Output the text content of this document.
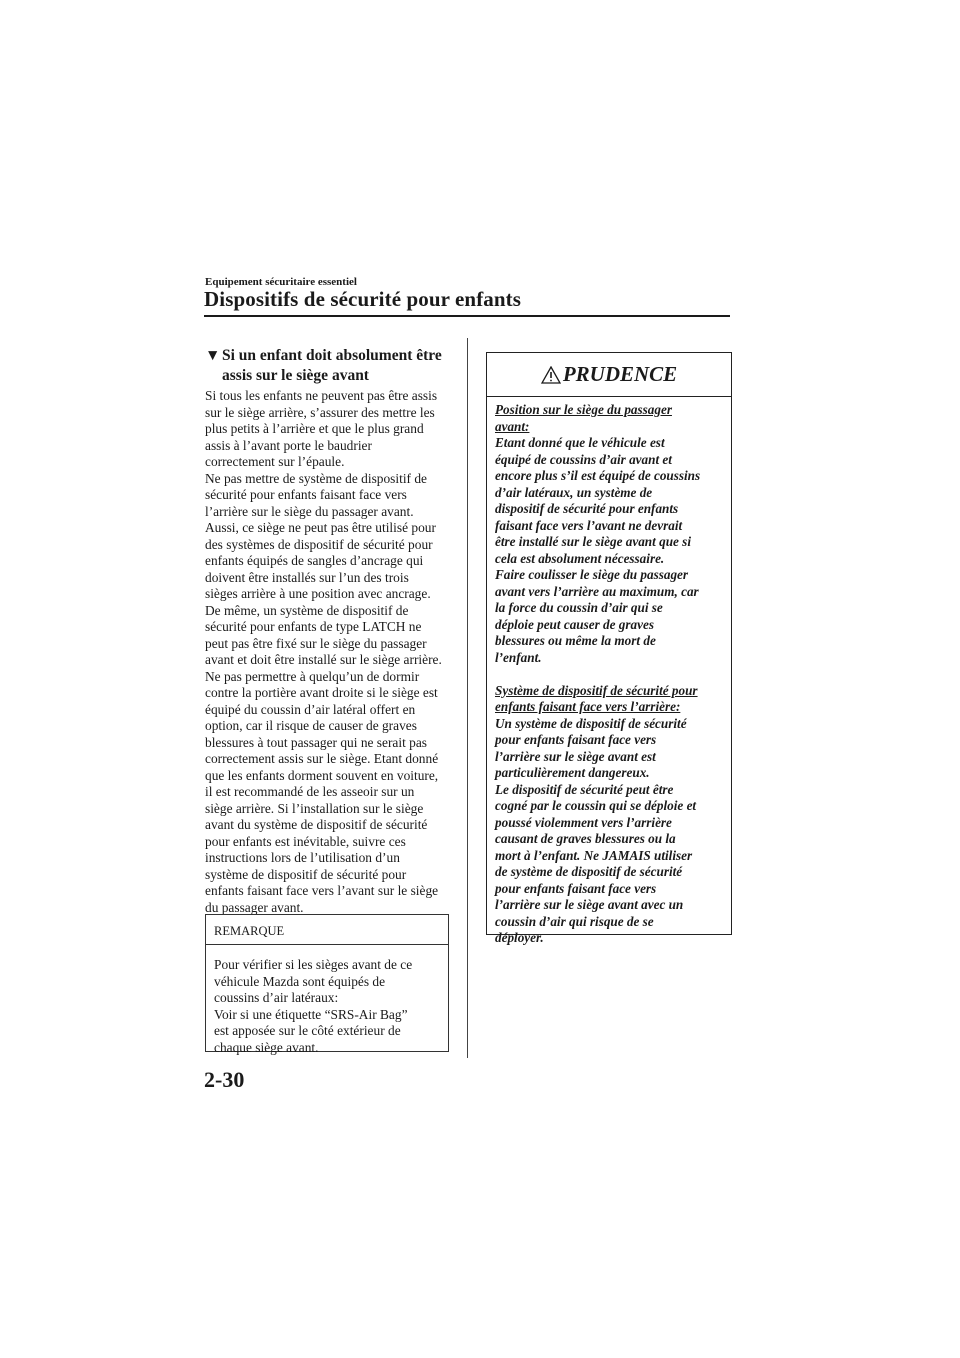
Equipement sécuritaire essentiel
Dispositifs de sécurité pour enfants
▼ Si un enfant doit absolument être
assis sur le siège avant

Si tous les enfants ne peuvent pas être assis

sur le siège arrière, s’assurer des mettre les

plus petits à l’arrière et que le plus grand

assis à l’avant porte le baudrier

correctement sur l’épaule.

Ne pas mettre de système de dispositif de

sécurité pour enfants faisant face vers

l’arrière sur le siège du passager avant.

Aussi, ce siège ne peut pas être utilisé pour

des systèmes de dispositif de sécurité pour

enfants équipés de sangles d’ancrage qui

doivent être installés sur l’un des trois

sièges arrière à une position avec ancrage.

De même, un système de dispositif de

sécurité pour enfants de type LATCH ne

peut pas être fixé sur le siège du passager

avant et doit être installé sur le siège arrière.

Ne pas permettre à quelqu’un de dormir

contre la portière avant droite si le siège est

équipé du coussin d’air latéral offert en

option, car il risque de causer de graves

blessures à tout passager qui ne serait pas

correctement assis sur le siège. Etant donné

que les enfants dorment souvent en voiture,

il est recommandé de les asseoir sur un

siège arrière. Si l’installation sur le siège

avant du système de dispositif de sécurité

pour enfants est inévitable, suivre ces

instructions lors de l’utilisation d’un

système de dispositif de sécurité pour

enfants faisant face vers l’avant sur le siège

du passager avant.

REMARQUE

Pour vérifier si les sièges avant de ce

véhicule Mazda sont équipés de

coussins d’air latéraux:

Voir si une étiquette “SRS-Air Bag”

est apposée sur le côté extérieur de

chaque siège avant.

PRUDENCE

Position sur le siège du passager

avant:

Etant donné que le véhicule est

équipé de coussins d’air avant et

encore plus s’il est équipé de coussins

d’air latéraux, un système de

dispositif de sécurité pour enfants

faisant face vers l’avant ne devrait

être installé sur le siège avant que si

cela est absolument nécessaire.

Faire coulisser le siège du passager

avant vers l’arrière au maximum, car

la force du coussin d’air qui se

déploie peut causer de graves

blessures ou même la mort de

l’enfant.

Système de dispositif de sécurité pour

enfants faisant face vers l’arrière:

Un système de dispositif de sécurité

pour enfants faisant face vers

l’arrière sur le siège avant est

particulièrement dangereux.

Le dispositif de sécurité peut être

cogné par le coussin qui se déploie et

poussé violemment vers l’arrière

causant de graves blessures ou la

mort à l’enfant. Ne JAMAIS utiliser

de système de dispositif de sécurité

pour enfants faisant face vers

l’arrière sur le siège avant avec un

coussin d’air qui risque de se

déployer.

2-30
